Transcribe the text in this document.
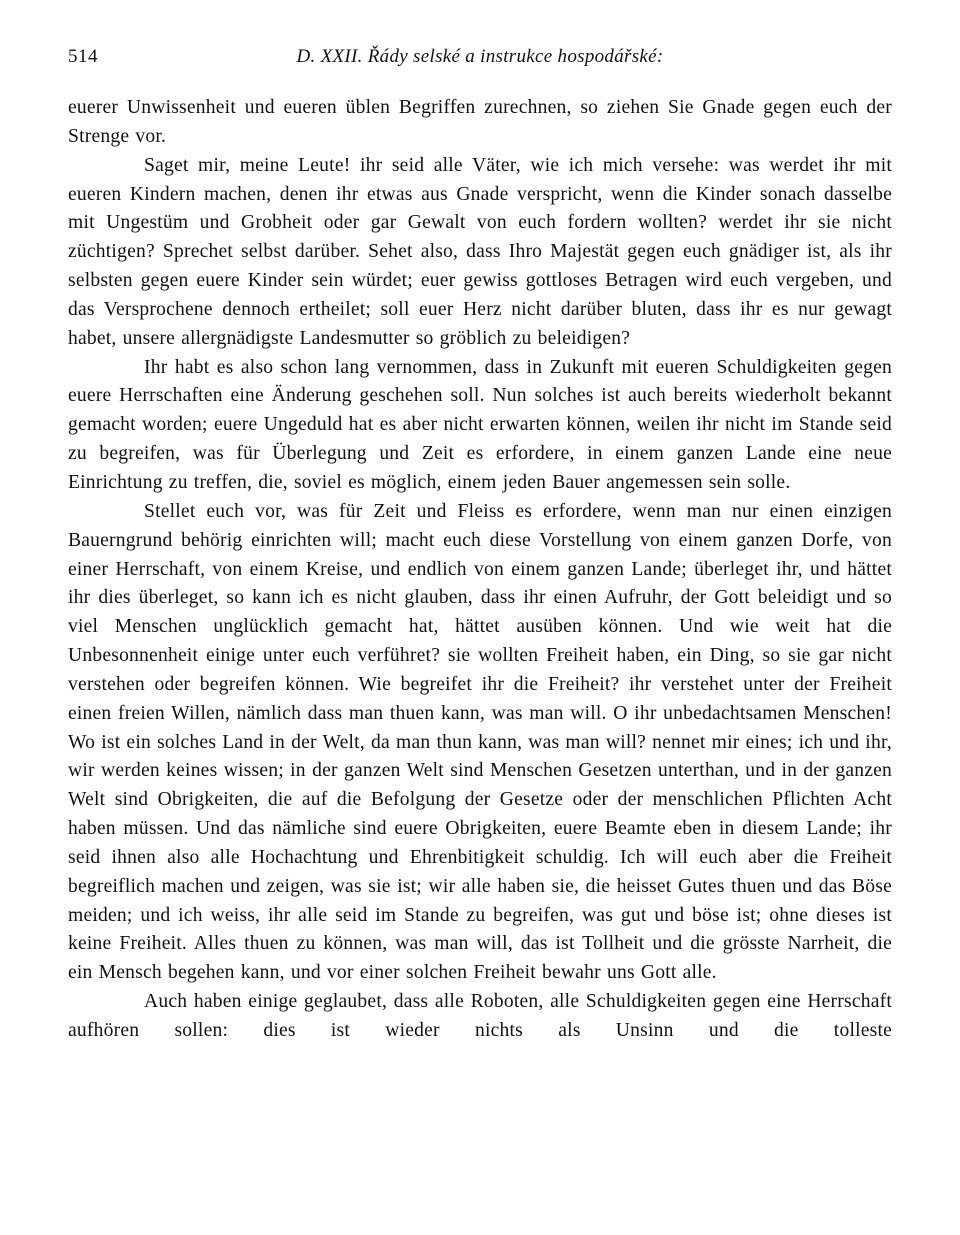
514	D. XXII. Řády selské a instrukce hospodářské:

euerer Unwissenheit und eueren üblen Begriffen zurechnen, so ziehen Sie Gnade gegen euch der Strenge vor.

Saget mir, meine Leute! ihr seid alle Väter, wie ich mich versehe: was werdet ihr mit eueren Kindern machen, denen ihr etwas aus Gnade verspricht, wenn die Kinder sonach dasselbe mit Ungestüm und Grobheit oder gar Gewalt von euch fordern wollten? werdet ihr sie nicht züchtigen? Sprechet selbst darüber. Sehet also, dass Ihro Majestät gegen euch gnädiger ist, als ihr selbsten gegen euere Kinder sein würdet; euer gewiss gottloses Betragen wird euch vergeben, und das Versprochene dennoch ertheilet; soll euer Herz nicht darüber bluten, dass ihr es nur gewagt habet, unsere allergnädigste Landesmutter so gröblich zu beleidigen?

Ihr habt es also schon lang vernommen, dass in Zukunft mit eueren Schuldigkeiten gegen euere Herrschaften eine Änderung geschehen soll. Nun solches ist auch bereits wiederholt bekannt gemacht worden; euere Ungeduld hat es aber nicht erwarten können, weilen ihr nicht im Stande seid zu begreifen, was für Überlegung und Zeit es erfordere, in einem ganzen Lande eine neue Einrichtung zu treffen, die, soviel es möglich, einem jeden Bauer angemessen sein solle.

Stellet euch vor, was für Zeit und Fleiss es erfordere, wenn man nur einen einzigen Bauerngrund behörig einrichten will; macht euch diese Vorstellung von einem ganzen Dorfe, von einer Herrschaft, von einem Kreise, und endlich von einem ganzen Lande; überleget ihr, und hättet ihr dies überleget, so kann ich es nicht glauben, dass ihr einen Aufruhr, der Gott beleidigt und so viel Menschen unglücklich gemacht hat, hättet ausüben können. Und wie weit hat die Unbesonnenheit einige unter euch verführet? sie wollten Freiheit haben, ein Ding, so sie gar nicht verstehen oder begreifen können. Wie begreifet ihr die Freiheit? ihr verstehet unter der Freiheit einen freien Willen, nämlich dass man thuen kann, was man will. O ihr unbedachtsamen Menschen! Wo ist ein solches Land in der Welt, da man thun kann, was man will? nennet mir eines; ich und ihr, wir werden keines wissen; in der ganzen Welt sind Menschen Gesetzen unterthan, und in der ganzen Welt sind Obrigkeiten, die auf die Befolgung der Gesetze oder der menschlichen Pflichten Acht haben müssen. Und das nämliche sind euere Obrigkeiten, euere Beamte eben in diesem Lande; ihr seid ihnen also alle Hochachtung und Ehrenbitigkeit schuldig. Ich will euch aber die Freiheit begreiflich machen und zeigen, was sie ist; wir alle haben sie, die heisset Gutes thuen und das Böse meiden; und ich weiss, ihr alle seid im Stande zu begreifen, was gut und böse ist; ohne dieses ist keine Freiheit. Alles thuen zu können, was man will, das ist Tollheit und die grösste Narrheit, die ein Mensch begehen kann, und vor einer solchen Freiheit bewahr uns Gott alle.

Auch haben einige geglaubet, dass alle Roboten, alle Schuldigkeiten gegen eine Herrschaft aufhören sollen: dies ist wieder nichts als Unsinn und die tolleste
